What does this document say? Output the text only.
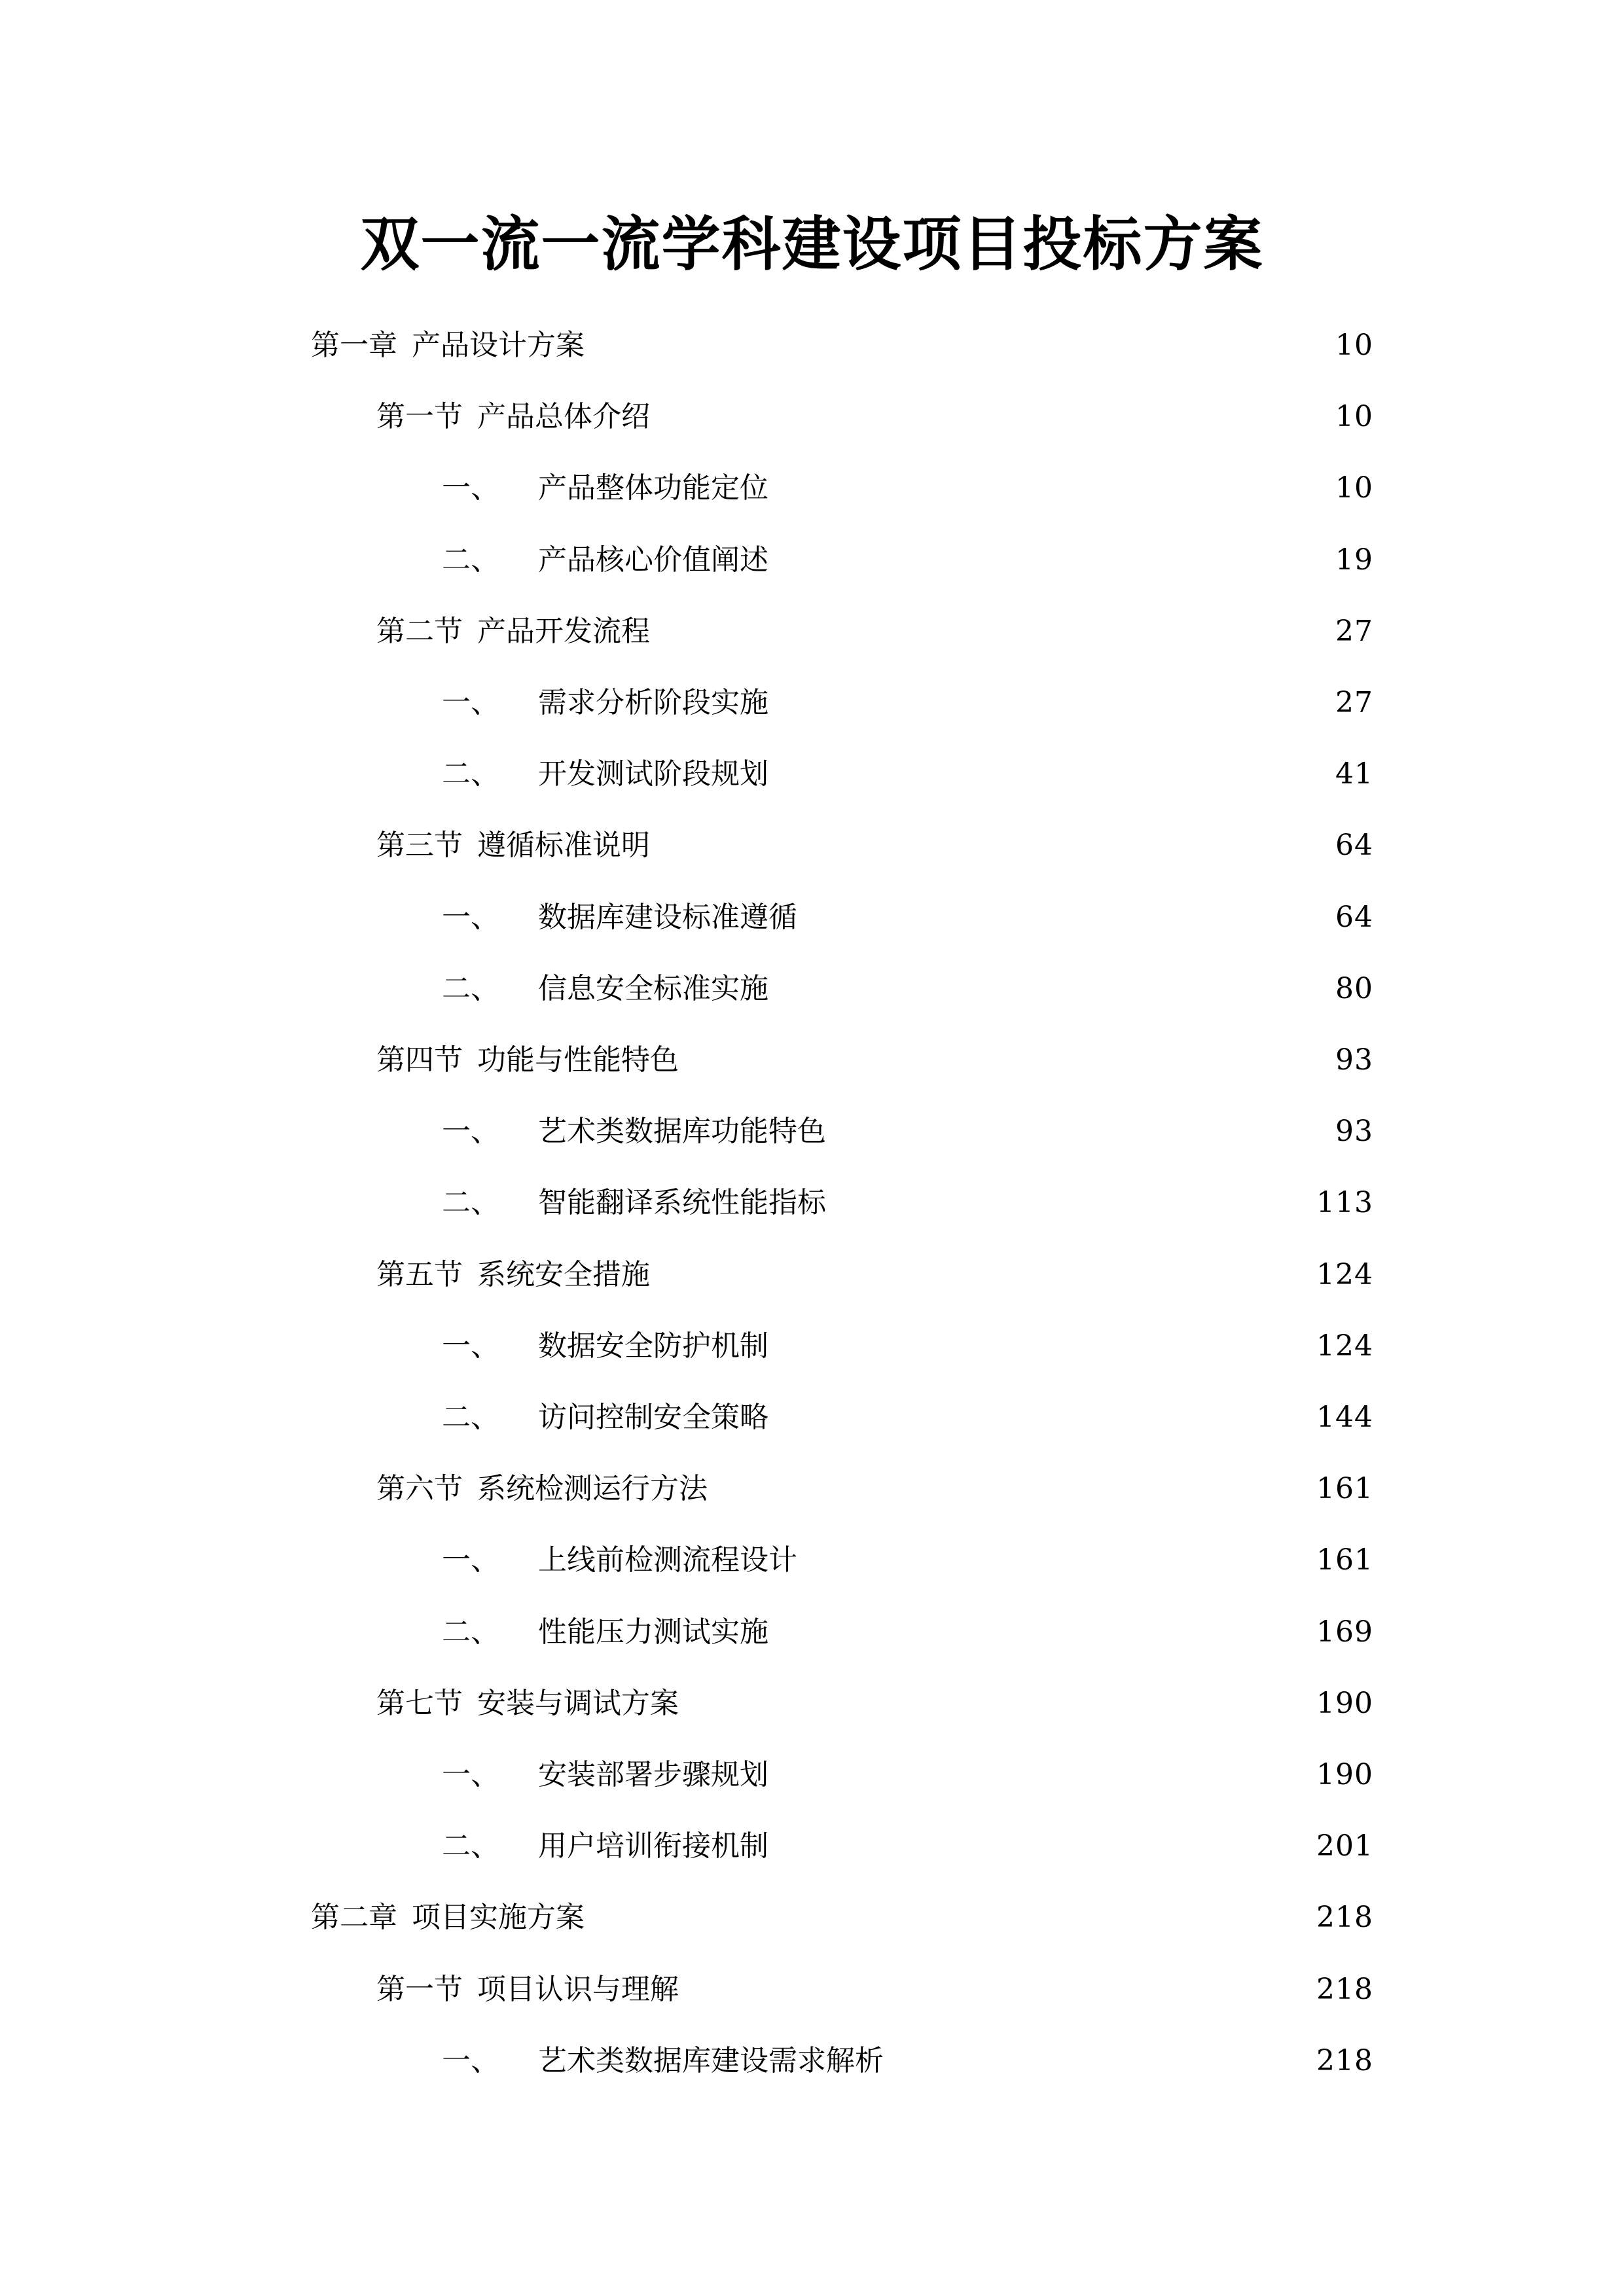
双一流一流学科建设项目投标方案
第一章 产品设计方案	10
第一节 产品总体介绍	10
一、	产品整体功能定位	10
二、	产品核心价值阐述	19
第二节 产品开发流程	27
一、	需求分析阶段实施	27
二、	开发测试阶段规划	41
第三节 遵循标准说明	64
一、	数据库建设标准遵循	64
二、	信息安全标准实施	80
第四节 功能与性能特色	93
一、	艺术类数据库功能特色	93
二、	智能翻译系统性能指标	113
第五节 系统安全措施	124
一、	数据安全防护机制	124
二、	访问控制安全策略	144
第六节 系统检测运行方法	161
一、	上线前检测流程设计	161
二、	性能压力测试实施	169
第七节 安装与调试方案	190
一、	安装部署步骤规划	190
二、	用户培训衔接机制	201
第二章 项目实施方案	218
第一节 项目认识与理解	218
一、	艺术类数据库建设需求解析	218
